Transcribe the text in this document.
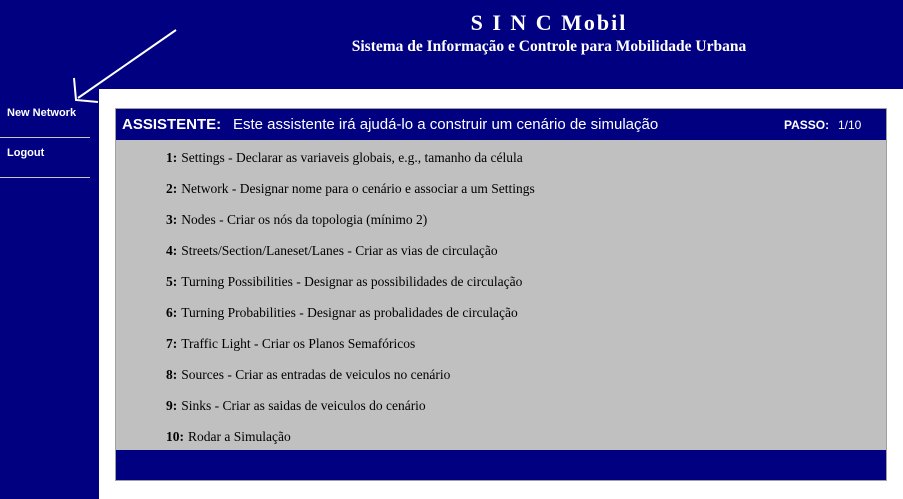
S I N C Mobil
Sistema de Informação e Controle para Mobilidade Urbana
New Network
Logout
ASSISTENTE: Este assistente irá ajudá-lo a construir um cenário de simulação	PASSO: 1/10
1: Settings - Declarar as variaveis globais, e.g., tamanho da célula
2: Network - Designar nome para o cenário e associar a um Settings
3: Nodes - Criar os nós da topologia (mínimo 2)
4: Streets/Section/Laneset/Lanes - Criar as vias de circulação
5: Turning Possibilities - Designar as possibilidades de circulação
6: Turning Probabilities - Designar as probalidades de circulação
7: Traffic Light - Criar os Planos Semafóricos
8: Sources - Criar as entradas de veiculos no cenário
9: Sinks - Criar as saidas de veiculos do cenário
10: Rodar a Simulação
